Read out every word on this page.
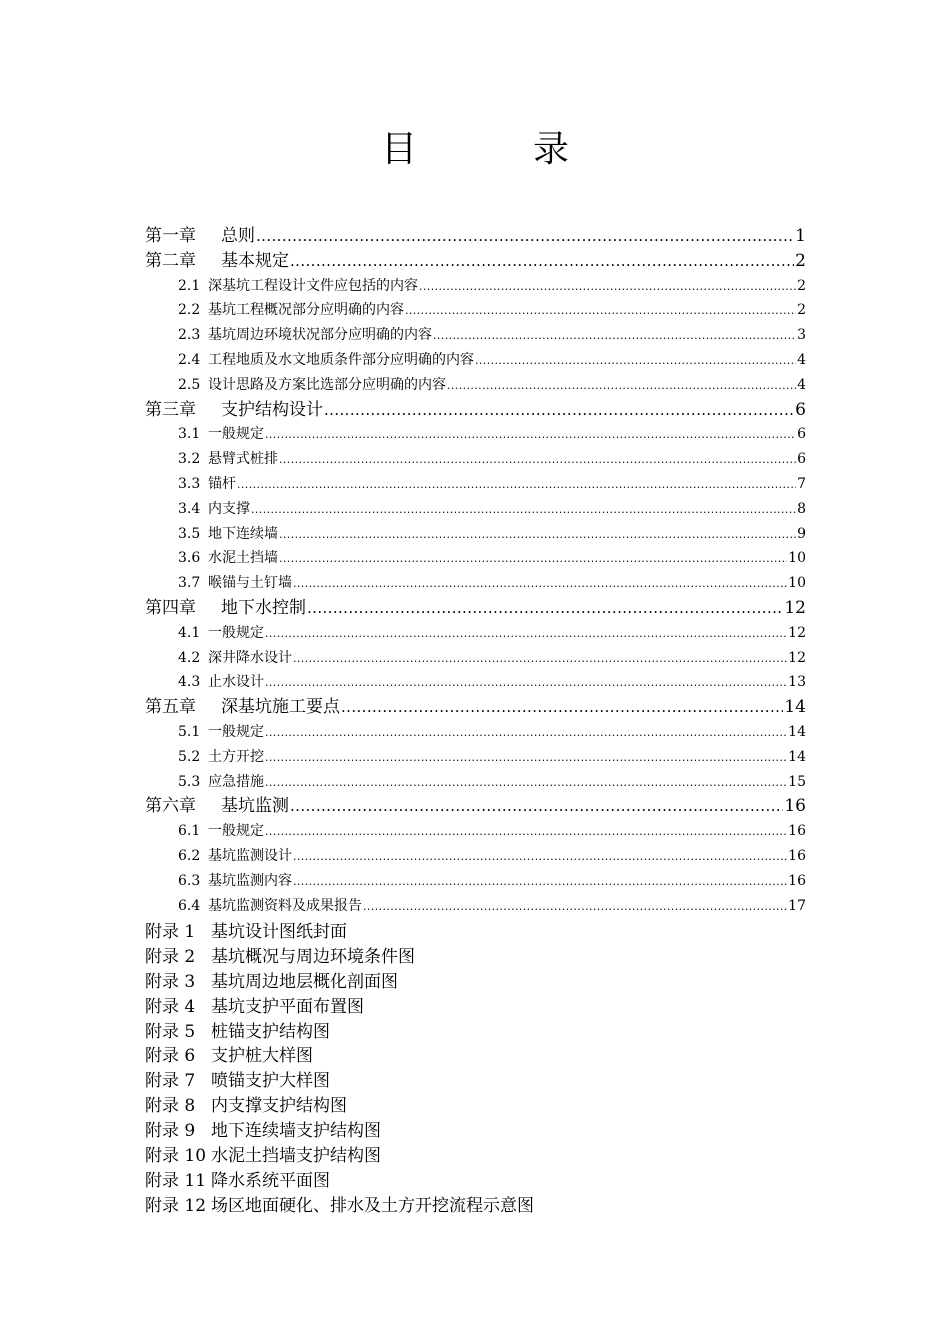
目　录
第一章	总则 .....	1
第二章	基本规定 .....	2
2.1 深基坑工程设计文件应包括的内容 .....	2
2.2 基坑工程概况部分应明确的内容 .....	2
2.3 基坑周边环境状况部分应明确的内容 .....	3
2.4 工程地质及水文地质条件部分应明确的内容 .....	4
2.5 设计思路及方案比选部分应明确的内容 .....	4
第三章	支护结构设计 .....	6
3.1 一般规定 .....	6
3.2 悬臂式桩排 .....	6
3.3 锚杆 .....	7
3.4 内支撑 .....	8
3.5 地下连续墙 .....	9
3.6 水泥土挡墙 .....	10
3.7 喉锚与土钉墙 .....	10
第四章	地下水控制 .....	12
4.1 一般规定 .....	12
4.2 深井降水设计 .....	12
4.3 止水设计 .....	13
第五章	深基坑施工要点 .....	14
5.1 一般规定 .....	14
5.2 土方开挖 .....	14
5.3 应急措施 .....	15
第六章	基坑监测 .....	16
6.1 一般规定 .....	16
6.2 基坑监测设计 .....	16
6.3 基坑监测内容 .....	16
6.4 基坑监测资料及成果报告 .....	17
附录 1 基坑设计图纸封面
附录 2 基坑概况与周边环境条件图
附录 3 基坑周边地层概化剖面图
附录 4 基坑支护平面布置图
附录 5 桩锚支护结构图
附录 6 支护桩大样图
附录 7 喷锚支护大样图
附录 8 内支撑支护结构图
附录 9 地下连续墙支护结构图
附录 10 水泥土挡墙支护结构图
附录 11 降水系统平面图
附录 12 场区地面硬化、排水及土方开挖流程示意图
